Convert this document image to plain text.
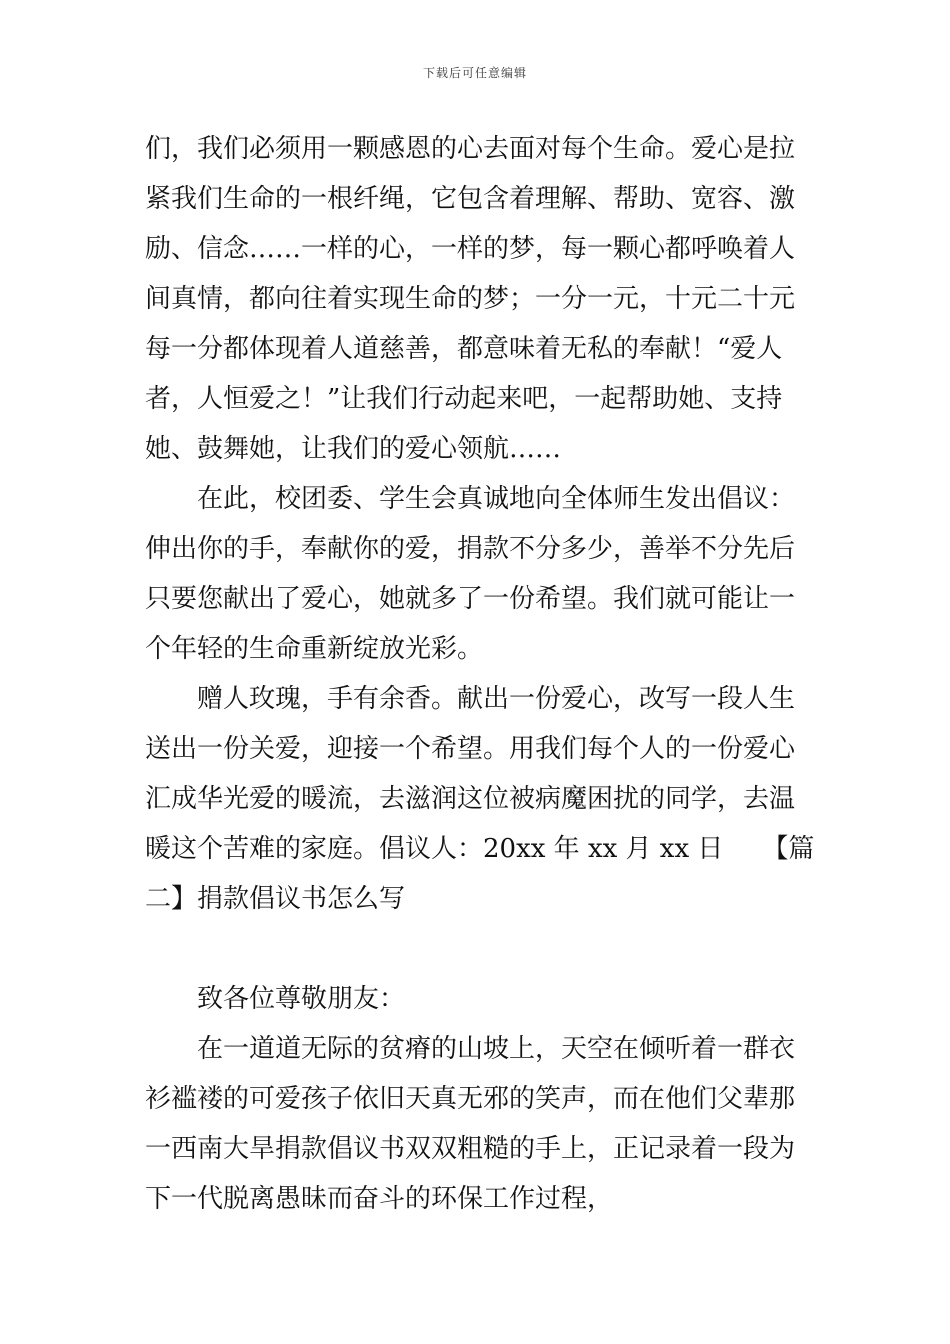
下载后可任意编辑
们，我们必须用一颗感恩的心去面对每个生命。爱心是拉
紧我们生命的一根纤绳，它包含着理解、帮助、宽容、激
励、信念……一样的心，一样的梦，每一颗心都呼唤着人
间真情，都向往着实现生命的梦；一分一元，十元二十元
每一分都体现着人道慈善，都意味着无私的奉献！“爱人
者，人恒爱之！”让我们行动起来吧，一起帮助她、支持
她、鼓舞她，让我们的爱心领航……
在此，校团委、学生会真诚地向全体师生发出倡议：
伸出你的手，奉献你的爱，捐款不分多少，善举不分先后
只要您献出了爱心，她就多了一份希望。我们就可能让一
个年轻的生命重新绽放光彩。
赠人玫瑰，手有余香。献出一份爱心，改写一段人生
送出一份关爱，迎接一个希望。用我们每个人的一份爱心
汇成华光爱的暖流，去滋润这位被病魔困扰的同学，去温
暖这个苦难的家庭。倡议人：20xx 年 xx 月 xx 日　　【篇
二】捐款倡议书怎么写
致各位尊敬朋友：
在一道道无际的贫瘠的山坡上，天空在倾听着一群衣
衫褴褛的可爱孩子依旧天真无邪的笑声，而在他们父辈那
一西南大旱捐款倡议书双双粗糙的手上，正记录着一段为
下一代脱离愚昧而奋斗的环保工作过程，
